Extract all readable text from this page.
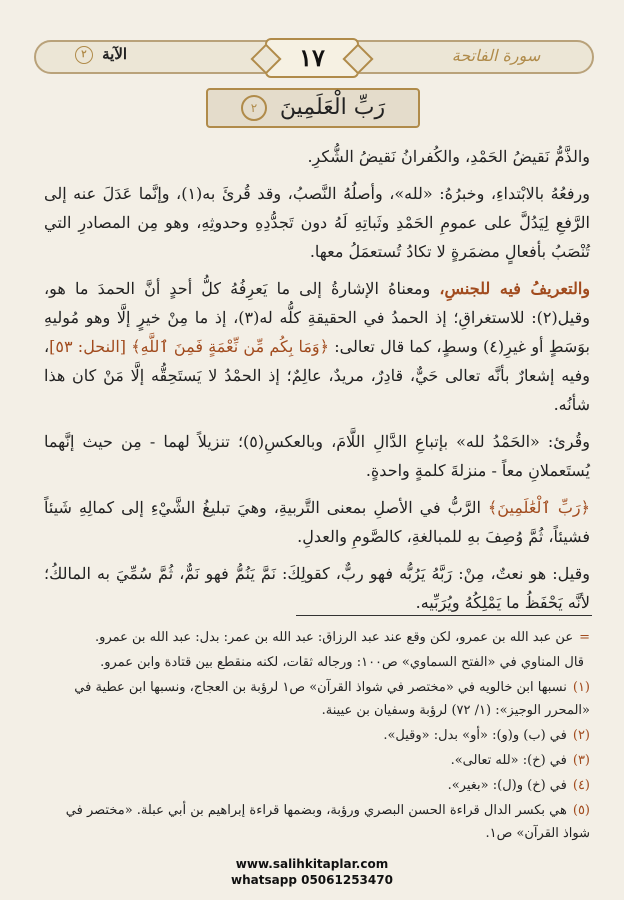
سورة الفاتحة
الآية ٢	١٧
رَبِّ الْعَلَمِينَ ٢

والذَّمُّ نَقيضُ الحَمْدِ، والكُفرانُ نَقيضُ الشُّكرِ.

ورفعُهُ بالابْتداءِ، وخبرُهُ: «لله»، وأصلُهُ النَّصبُ، وقد قُرئَ به(١)، وإنَّما عَدَلَ عنه إلى الرَّفعِ لِيَدُلَّ على عمومِ الحَمْدِ وثَباتِهِ لَهُ دون تَجدُّدِهِ وحدوثِهِ، وهو مِن المصادرِ التي تُنْصَبُ بأفعالٍ مضمَرةٍ لا تكادُ تُستعمَلُ معها.

والتعريفُ فيه للجنسِ، ومعناهُ الإشارةُ إلى ما يَعرِفُهُ كلُّ أحدٍ أنَّ الحمدَ ما هو، وقيل(٢): للاستغراقِ؛ إذ الحمدُ في الحقيقةِ كلُّه له(٣)، إذ ما مِنْ خيرٍ إلَّا وهو مُوليهِ بوَسَطٍ أو غيرِ(٤) وسطٍ، كما قال تعالى: ﴿وَمَا بِكُم مِّن نِّعْمَةٍ فَمِنَ ٱللَّهِ﴾ [النحل: ٥٣]، وفيه إشعارٌ بأنَّه تعالى حَيٌّ، قادِرٌ، مريدٌ، عالِمٌ؛ إذ الحمْدُ لا يَستَحِقُّه إلَّا مَنْ كان هذا شأنُه.

وقُرئ: «الحَمْدُ لله» بإتباعِ الدَّالِ اللَّامَ، وبالعكسِ(٥)؛ تنزيلاً لهما - مِن حيث إنَّهما يُستَعملانِ معاً - منزلةَ كلمةٍ واحدةٍ.

﴿رَبِّ ٱلْعَٰلَمِينَ﴾ الرَّبُّ في الأصلِ بمعنى التَّربيةِ، وهيَ تبليغُ الشَّيْءِ إلى كمالِهِ شَيئاً فشيئاً، ثُمَّ وُصِفَ بهِ للمبالغةِ، كالصَّومِ والعدلِ.

وقيل: هو نعتٌ، مِنْ: رَبَّهُ يَرُبُّه فهو ربٌّ، كقولِكَ: نَمَّ يَنُمُّ فهو نَمٌّ، ثُمَّ سُمِّيَ به المالكُ؛ لأنَّه يَحْفَظُ ما يَمْلِكُهُ ويُرَبِّيه.

=عن عبد الله بن عمرو، لكن وقع عند عبد الرزاق: عبد الله بن عمر: بدل: عبد الله بن عمرو.
قال المناوي في «الفتح السماوي» ص١٠٠: ورجاله ثقات، لكنه منقطع بين قتادة وابن عمرو.
(١)نسبها ابن خالويه في «مختصر في شواذ القرآن» ص١ لرؤبة بن العجاج، ونسبها ابن عطية في «المحرر الوجيز»: (١/ ٧٢) لرؤبة وسفيان بن عيينة.
(٢)في (ب) و(و): «أو» بدل: «وقيل».
(٣)في (خ): «لله تعالى».
(٤)في (خ) و(ل): «بغير».
(٥)هي بكسر الدال قراءة الحسن البصري ورؤبة، وبضمها قراءة إبراهيم بن أبي عبلة. «مختصر في شواذ القرآن» ص١.
www.salihkitaplar.com
whatsapp 05061253470
